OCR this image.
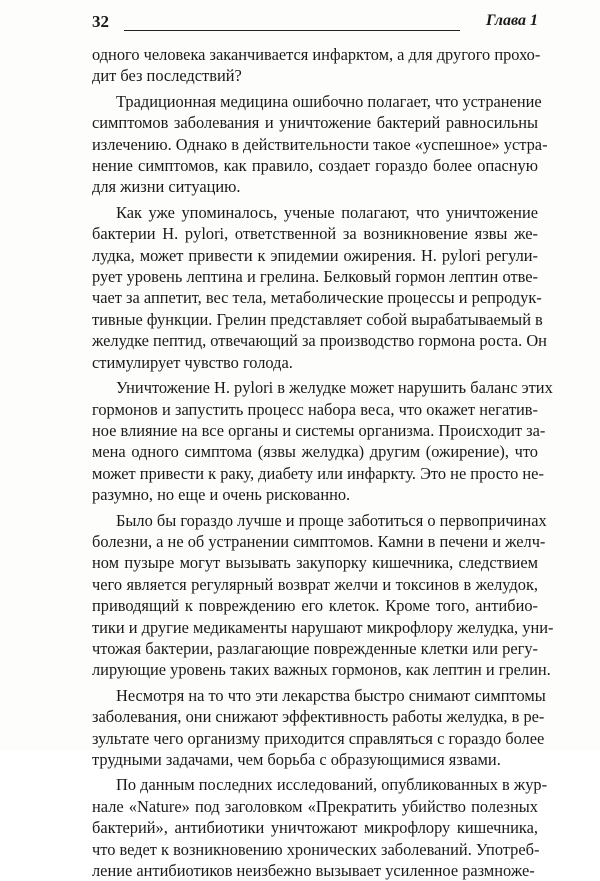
32	Глава 1

одного человека заканчивается инфарктом, а для другого прохо-
дит без последствий?

Традиционная медицина ошибочно полагает, что устранение
симптомов заболевания и уничтожение бактерий равносильны
излечению. Однако в действительности такое «успешное» устра-
нение симптомов, как правило, создает гораздо более опасную
для жизни ситуацию.

Как уже упоминалось, ученые полагают, что уничтожение
бактерии H. pylori, ответственной за возникновение язвы же-
лудка, может привести к эпидемии ожирения. H. pylori регули-
рует уровень лептина и грелина. Белковый гормон лептин отве-
чает за аппетит, вес тела, метаболические процессы и репродук-
тивные функции. Грелин представляет собой вырабатываемый в
желудке пептид, отвечающий за производство гормона роста. Он
стимулирует чувство голода.

Уничтожение H. pylori в желудке может нарушить баланс этих
гормонов и запустить процесс набора веса, что окажет негатив-
ное влияние на все органы и системы организма. Происходит за-
мена одного симптома (язвы желудка) другим (ожирение), что
может привести к раку, диабету или инфаркту. Это не просто не-
разумно, но еще и очень рискованно.

Было бы гораздо лучше и проще заботиться о первопричинах
болезни, а не об устранении симптомов. Камни в печени и желч-
ном пузыре могут вызывать закупорку кишечника, следствием
чего является регулярный возврат желчи и токсинов в желудок,
приводящий к повреждению его клеток. Кроме того, антибио-
тики и другие медикаменты нарушают микрофлору желудка, уни-
чтожая бактерии, разлагающие поврежденные клетки или регу-
лирующие уровень таких важных гормонов, как лептин и грелин.

Несмотря на то что эти лекарства быстро снимают симптомы
заболевания, они снижают эффективность работы желудка, в ре-
зультате чего организму приходится справляться с гораздо более
трудными задачами, чем борьба с образующимися язвами.

По данным последних исследований, опубликованных в жур-
нале «Nature» под заголовком «Прекратить убийство полезных
бактерий», антибиотики уничтожают микрофлору кишечника,
что ведет к возникновению хронических заболеваний. Употреб-
ление антибиотиков неизбежно вызывает усиленное размноже-
